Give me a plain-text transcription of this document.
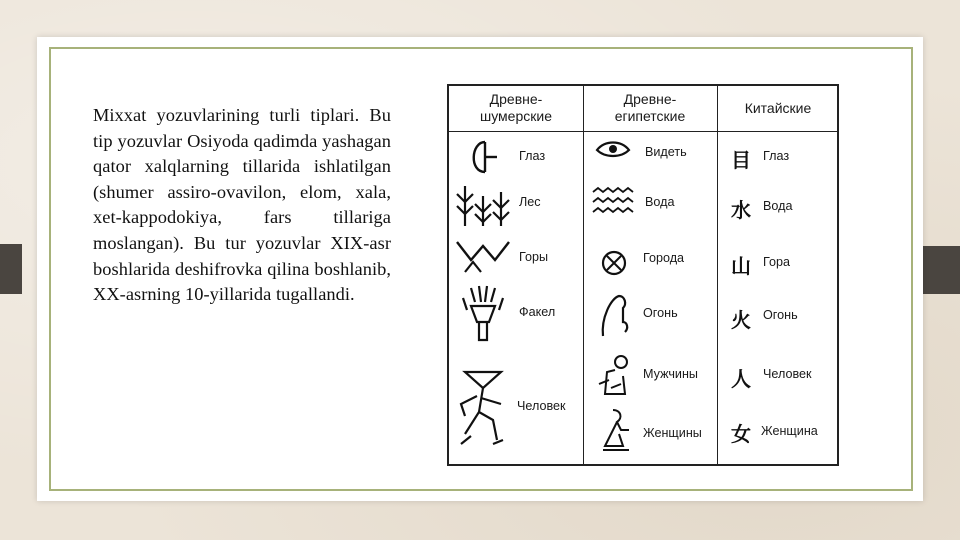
Mixxat yozuvlarining turli tiplari. Bu tip yozuvlar Osiyoda qadimda yashagan qator xalqlarning tillarida ishlatilgan (shumer assiro-ovavilon, elom, xala, xet-kappodokiya, fars tillariga moslangan). Bu tur yozuvlar XIX-asr boshlarida deshifrovka qilina boshlanib, XX-asrning 10-yillarida tugallandi.
Древне-
шумерские
Древне-
египетские	Китайские
Глаз
Лес
Горы
Факел
Человек
Видеть
Вода
Города
Огонь
Мужчины
Женщины
目
水
山
火
人
女
Глаз
Вода
Гора
Огонь
Человек
Женщина
